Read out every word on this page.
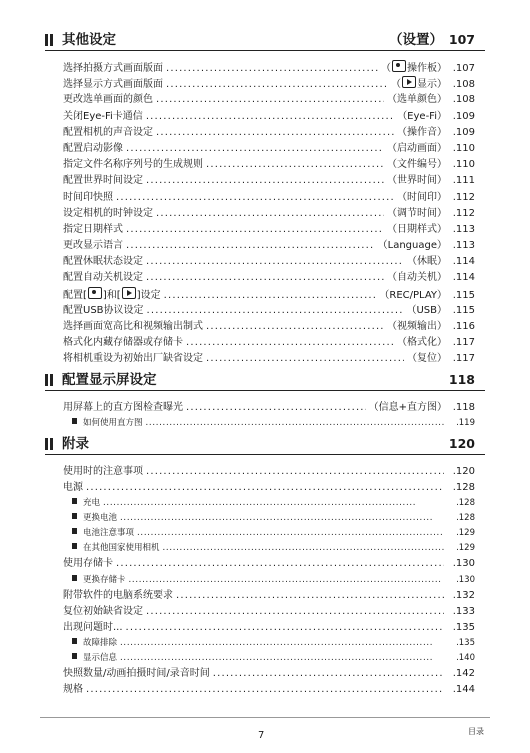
其他设定	（设置） 107
选择拍摄方式画面版面 . . .	（ 操作板） .107
选择显示方式画面版面 . . .	（ 显示） .108
更改选单画面的颜色 . . .	（选单颜色） .108
关闭Eye-Fi卡通信 . . .	（Eye-Fi） .109
配置相机的声音设定 . . .	（操作音） .109
配置启动影像 . . .	（启动画面） .110
指定文件名称序列号的生成规则 . . .	（文件编号） .110
配置世界时间设定 . . .	（世界时间） .111
时间印快照 . . .	（时间印） .112
设定相机的时钟设定 . . .	（调节时间） .112
指定日期样式 . . .	（日期样式） .113
更改显示语言 . . .	（Language） .113
配置休眠状态设定 . . .	（休眠） .114
配置自动关机设定 . . .	（自动关机） .114
配置[ ]和[ ]设定 . . .	（REC/PLAY） .115
配置USB协议设定 . . .	（USB） .115
选择画面宽高比和视频输出制式 . . .	（视频输出） .116
格式化内藏存储器或存储卡 . . .	（格式化） .117
将相机重设为初始出厂缺省设定 . . .	（复位） .117
配置显示屏设定	118
用屏幕上的直方图检查曝光 . . .	（信息+直方图） .118
如何使用直方图 . . .	.119
附录	120
使用时的注意事项 . . .	.120
电源 . . .	.128
充电 . . .	.128
更换电池 . . .	.128
电池注意事项 . . .	.129
在其他国家使用相机 . . .	.129
使用存储卡 . . .	.130
更换存储卡 . . .	.130
附带软件的电脑系统要求 . . .	.132
复位初始缺省设定 . . .	.133
出现问题时... . . .	.135
故障排除 . . .	.135
显示信息 . . .	.140
快照数量/动画拍摄时间/录音时间 . . .	.142
规格 . . .	.144
7	目录
